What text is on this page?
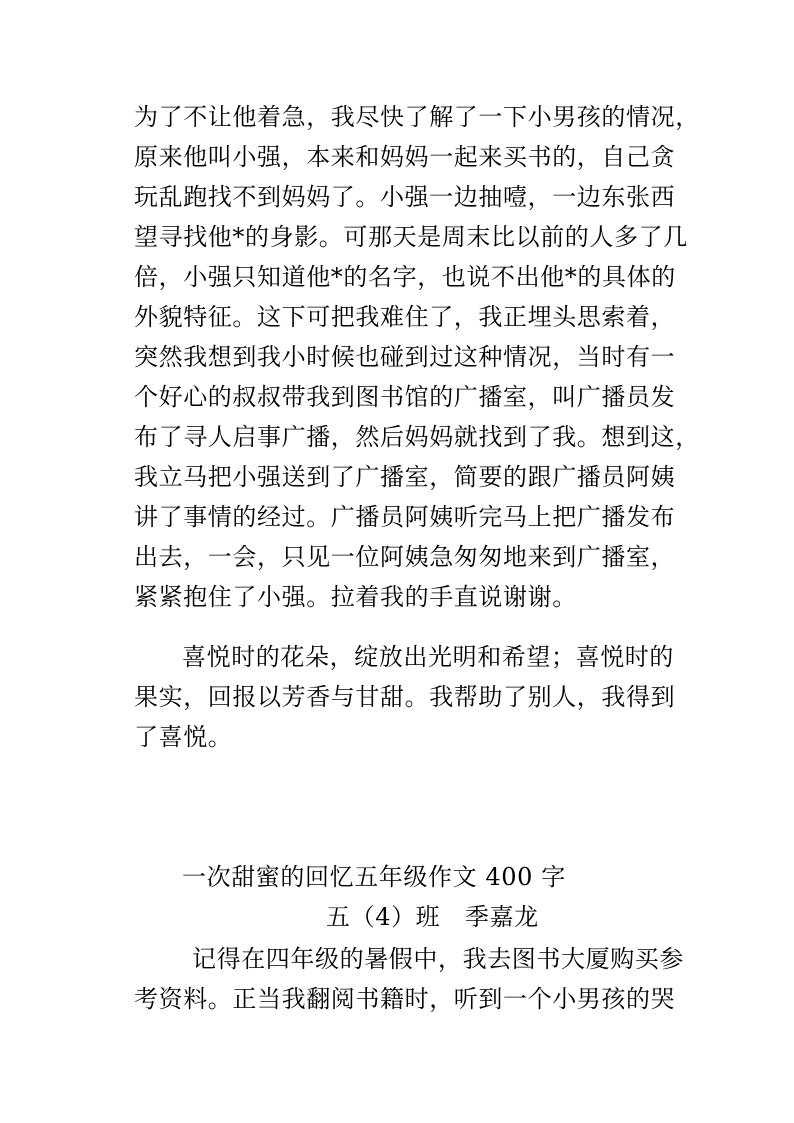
为了不让他着急，我尽快了解了一下小男孩的情况，
原来他叫小强，本来和妈妈一起来买书的，自己贪
玩乱跑找不到妈妈了。小强一边抽噎，一边东张西
望寻找他*的身影。可那天是周末比以前的人多了几
倍，小强只知道他*的名字，也说不出他*的具体的
外貌特征。这下可把我难住了，我正埋头思索着，
突然我想到我小时候也碰到过这种情况，当时有一
个好心的叔叔带我到图书馆的广播室，叫广播员发
布了寻人启事广播，然后妈妈就找到了我。想到这，
我立马把小强送到了广播室，简要的跟广播员阿姨
讲了事情的经过。广播员阿姨听完马上把广播发布
出去，一会，只见一位阿姨急匆匆地来到广播室，
紧紧抱住了小强。拉着我的手直说谢谢。
喜悦时的花朵，绽放出光明和希望；喜悦时的
果实，回报以芳香与甘甜。我帮助了别人，我得到
了喜悦。
一次甜蜜的回忆五年级作文 400 字
五（4）班　季嘉龙
记得在四年级的暑假中，我去图书大厦购买参
考资料。正当我翻阅书籍时，听到一个小男孩的哭
